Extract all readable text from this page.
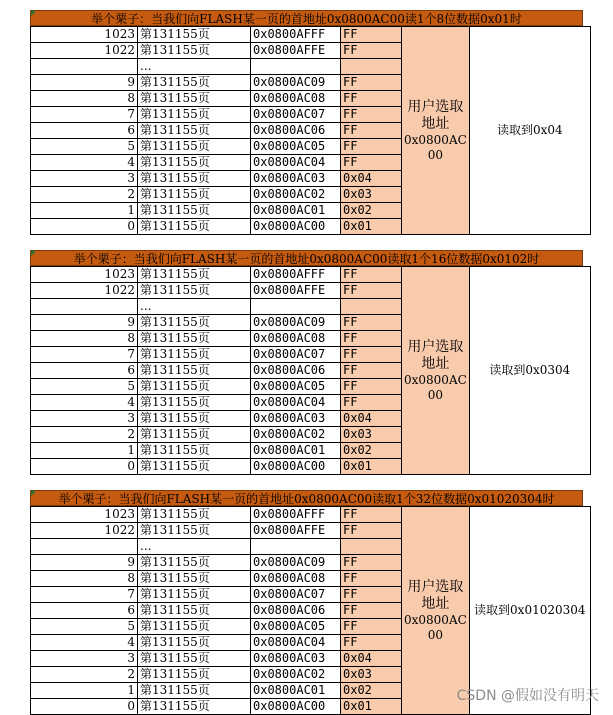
举个栗子：当我们向FLASH某一页的首地址0x0800AC00读1个8位数据0x01时
1023	第131155页	0x0800AFFF	FF	用户选取
地址
0x0800AC
00	读取到0x04
1022	第131155页	0x0800AFFE	FF		
	...				
9	第131155页	0x0800AC09	FF		
8	第131155页	0x0800AC08	FF		
7	第131155页	0x0800AC07	FF		
6	第131155页	0x0800AC06	FF		
5	第131155页	0x0800AC05	FF		
4	第131155页	0x0800AC04	FF		
3	第131155页	0x0800AC03	0x04		
2	第131155页	0x0800AC02	0x03		
1	第131155页	0x0800AC01	0x02		
0	第131155页	0x0800AC00	0x01		
举个栗子：当我们向FLASH某一页的首地址0x0800AC00读取1个16位数据0x0102时
1023	第131155页	0x0800AFFF	FF	用户选取
地址
0x0800AC
00	读取到0x0304
1022	第131155页	0x0800AFFE	FF		
	...				
9	第131155页	0x0800AC09	FF		
8	第131155页	0x0800AC08	FF		
7	第131155页	0x0800AC07	FF		
6	第131155页	0x0800AC06	FF		
5	第131155页	0x0800AC05	FF		
4	第131155页	0x0800AC04	FF		
3	第131155页	0x0800AC03	0x04		
2	第131155页	0x0800AC02	0x03		
1	第131155页	0x0800AC01	0x02		
0	第131155页	0x0800AC00	0x01		
举个栗子：当我们向FLASH某一页的首地址0x0800AC00读取1个32位数据0x01020304时
1023	第131155页	0x0800AFFF	FF	用户选取
地址
0x0800AC
00	读取到0x01020304
1022	第131155页	0x0800AFFE	FF		
	...				
9	第131155页	0x0800AC09	FF		
8	第131155页	0x0800AC08	FF		
7	第131155页	0x0800AC07	FF		
6	第131155页	0x0800AC06	FF		
5	第131155页	0x0800AC05	FF		
4	第131155页	0x0800AC04	FF		
3	第131155页	0x0800AC03	0x04		
2	第131155页	0x0800AC02	0x03		
1	第131155页	0x0800AC01	0x02		
0	第131155页	0x0800AC00	0x01		
CSDN @假如没有明天
